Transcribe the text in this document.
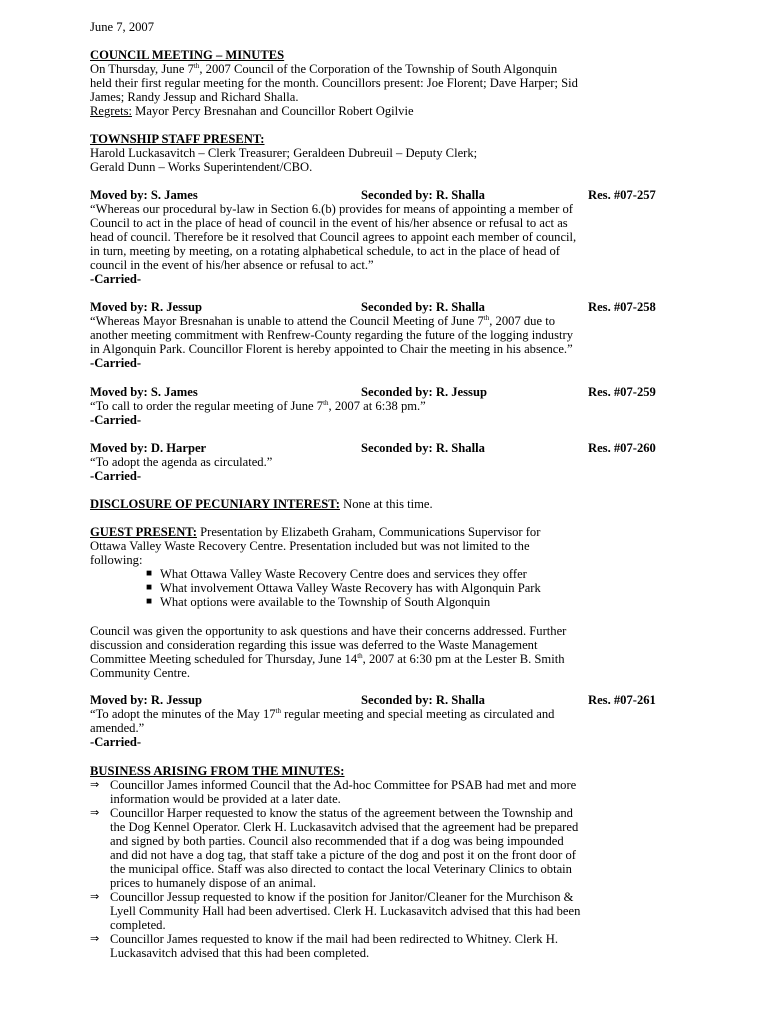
June 7, 2007

COUNCIL MEETING – MINUTES

On Thursday, June 7th, 2007 Council of the Corporation of the Township of South Algonquin

held their first regular meeting for the month. Councillors present: Joe Florent; Dave Harper; Sid

James; Randy Jessup and Richard Shalla.

Regrets: Mayor Percy Bresnahan and Councillor Robert Ogilvie

TOWNSHIP STAFF PRESENT:

Harold Luckasavitch – Clerk Treasurer; Geraldeen Dubreuil – Deputy Clerk;

Gerald Dunn – Works Superintendent/CBO.

Moved by: S. James	Seconded by: R. Shalla	Res. #07-257

“Whereas our procedural by-law in Section 6.(b) provides for means of appointing a member of

Council to act in the place of head of council in the event of his/her absence or refusal to act as

head of council. Therefore be it resolved that Council agrees to appoint each member of council,

in turn, meeting by meeting, on a rotating alphabetical schedule, to act in the place of head of

council in the event of his/her absence or refusal to act.”

-Carried-

Moved by: R. Jessup	Seconded by: R. Shalla	Res. #07-258

“Whereas Mayor Bresnahan is unable to attend the Council Meeting of June 7th, 2007 due to

another meeting commitment with Renfrew-County regarding the future of the logging industry

in Algonquin Park. Councillor Florent is hereby appointed to Chair the meeting in his absence.”

-Carried-

Moved by: S. James	Seconded by: R. Jessup	Res. #07-259

“To call to order the regular meeting of June 7th, 2007 at 6:38 pm.”

-Carried-

Moved by: D. Harper	Seconded by: R. Shalla	Res. #07-260

“To adopt the agenda as circulated.”

-Carried-

DISCLOSURE OF PECUNIARY INTEREST: None at this time.

GUEST PRESENT: Presentation by Elizabeth Graham, Communications Supervisor for

Ottawa Valley Waste Recovery Centre. Presentation included but was not limited to the

following:

■ What Ottawa Valley Waste Recovery Centre does and services they offer
■ What involvement Ottawa Valley Waste Recovery has with Algonquin Park
■ What options were available to the Township of South Algonquin

Council was given the opportunity to ask questions and have their concerns addressed. Further

discussion and consideration regarding this issue was deferred to the Waste Management

Committee Meeting scheduled for Thursday, June 14th, 2007 at 6:30 pm at the Lester B. Smith

Community Centre.

Moved by: R. Jessup	Seconded by: R. Shalla	Res. #07-261

“To adopt the minutes of the May 17th regular meeting and special meeting as circulated and

amended.”

-Carried-

BUSINESS ARISING FROM THE MINUTES:

⇒ Councillor James informed Council that the Ad-hoc Committee for PSAB had met and more

information would be provided at a later date.

⇒ Councillor Harper requested to know the status of the agreement between the Township and

the Dog Kennel Operator. Clerk H. Luckasavitch advised that the agreement had be prepared

and signed by both parties. Council also recommended that if a dog was being impounded

and did not have a dog tag, that staff take a picture of the dog and post it on the front door of

the municipal office. Staff was also directed to contact the local Veterinary Clinics to obtain

prices to humanely dispose of an animal.

⇒ Councillor Jessup requested to know if the position for Janitor/Cleaner for the Murchison &

Lyell Community Hall had been advertised. Clerk H. Luckasavitch advised that this had been

completed.

⇒ Councillor James requested to know if the mail had been redirected to Whitney. Clerk H.

Luckasavitch advised that this had been completed.
